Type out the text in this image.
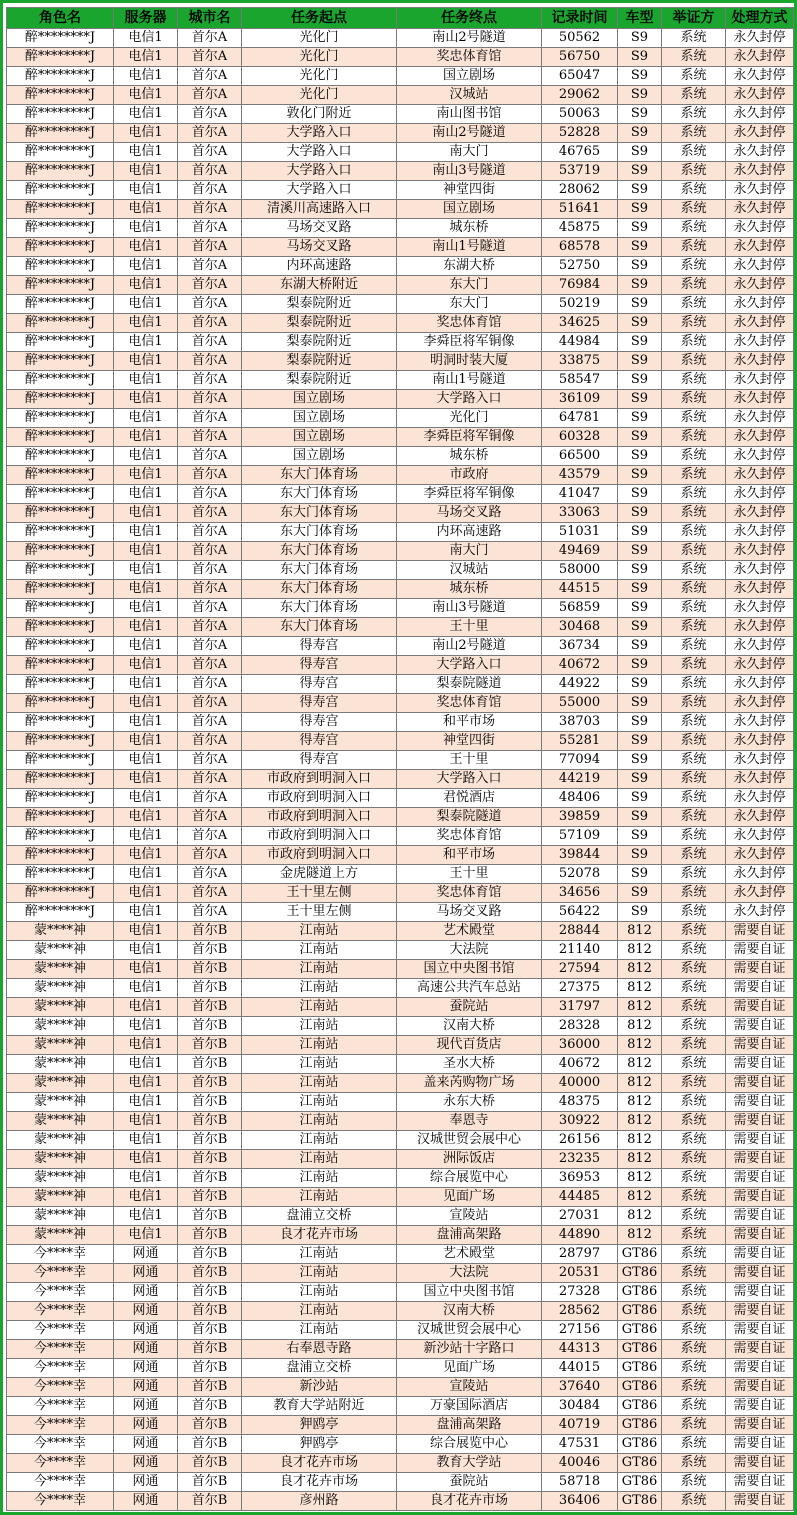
角色名	服务器	城市名	任务起点	任务终点	记录时间	车型	举证方	处理方式
醉********J	电信1	首尔A	光化门	南山2号隧道	50562	S9	系统	永久封停
醉********J	电信1	首尔A	光化门	奖忠体育馆	56750	S9	系统	永久封停
醉********J	电信1	首尔A	光化门	国立剧场	65047	S9	系统	永久封停
醉********J	电信1	首尔A	光化门	汉城站	29062	S9	系统	永久封停
醉********J	电信1	首尔A	敦化门附近	南山图书馆	50063	S9	系统	永久封停
醉********J	电信1	首尔A	大学路入口	南山2号隧道	52828	S9	系统	永久封停
醉********J	电信1	首尔A	大学路入口	南大门	46765	S9	系统	永久封停
醉********J	电信1	首尔A	大学路入口	南山3号隧道	53719	S9	系统	永久封停
醉********J	电信1	首尔A	大学路入口	神堂四街	28062	S9	系统	永久封停
醉********J	电信1	首尔A	清溪川高速路入口	国立剧场	51641	S9	系统	永久封停
醉********J	电信1	首尔A	马场交叉路	城东桥	45875	S9	系统	永久封停
醉********J	电信1	首尔A	马场交叉路	南山1号隧道	68578	S9	系统	永久封停
醉********J	电信1	首尔A	内环高速路	东湖大桥	52750	S9	系统	永久封停
醉********J	电信1	首尔A	东湖大桥附近	东大门	76984	S9	系统	永久封停
醉********J	电信1	首尔A	梨泰院附近	东大门	50219	S9	系统	永久封停
醉********J	电信1	首尔A	梨泰院附近	奖忠体育馆	34625	S9	系统	永久封停
醉********J	电信1	首尔A	梨泰院附近	李舜臣将军铜像	44984	S9	系统	永久封停
醉********J	电信1	首尔A	梨泰院附近	明洞时装大厦	33875	S9	系统	永久封停
醉********J	电信1	首尔A	梨泰院附近	南山1号隧道	58547	S9	系统	永久封停
醉********J	电信1	首尔A	国立剧场	大学路入口	36109	S9	系统	永久封停
醉********J	电信1	首尔A	国立剧场	光化门	64781	S9	系统	永久封停
醉********J	电信1	首尔A	国立剧场	李舜臣将军铜像	60328	S9	系统	永久封停
醉********J	电信1	首尔A	国立剧场	城东桥	66500	S9	系统	永久封停
醉********J	电信1	首尔A	东大门体育场	市政府	43579	S9	系统	永久封停
醉********J	电信1	首尔A	东大门体育场	李舜臣将军铜像	41047	S9	系统	永久封停
醉********J	电信1	首尔A	东大门体育场	马场交叉路	33063	S9	系统	永久封停
醉********J	电信1	首尔A	东大门体育场	内环高速路	51031	S9	系统	永久封停
醉********J	电信1	首尔A	东大门体育场	南大门	49469	S9	系统	永久封停
醉********J	电信1	首尔A	东大门体育场	汉城站	58000	S9	系统	永久封停
醉********J	电信1	首尔A	东大门体育场	城东桥	44515	S9	系统	永久封停
醉********J	电信1	首尔A	东大门体育场	南山3号隧道	56859	S9	系统	永久封停
醉********J	电信1	首尔A	东大门体育场	王十里	30468	S9	系统	永久封停
醉********J	电信1	首尔A	得寿宫	南山2号隧道	36734	S9	系统	永久封停
醉********J	电信1	首尔A	得寿宫	大学路入口	40672	S9	系统	永久封停
醉********J	电信1	首尔A	得寿宫	梨泰院隧道	44922	S9	系统	永久封停
醉********J	电信1	首尔A	得寿宫	奖忠体育馆	55000	S9	系统	永久封停
醉********J	电信1	首尔A	得寿宫	和平市场	38703	S9	系统	永久封停
醉********J	电信1	首尔A	得寿宫	神堂四街	55281	S9	系统	永久封停
醉********J	电信1	首尔A	得寿宫	王十里	77094	S9	系统	永久封停
醉********J	电信1	首尔A	市政府到明洞入口	大学路入口	44219	S9	系统	永久封停
醉********J	电信1	首尔A	市政府到明洞入口	君悦酒店	48406	S9	系统	永久封停
醉********J	电信1	首尔A	市政府到明洞入口	梨泰院隧道	39859	S9	系统	永久封停
醉********J	电信1	首尔A	市政府到明洞入口	奖忠体育馆	57109	S9	系统	永久封停
醉********J	电信1	首尔A	市政府到明洞入口	和平市场	39844	S9	系统	永久封停
醉********J	电信1	首尔A	金虎隧道上方	王十里	52078	S9	系统	永久封停
醉********J	电信1	首尔A	王十里左侧	奖忠体育馆	34656	S9	系统	永久封停
醉********J	电信1	首尔A	王十里左侧	马场交叉路	56422	S9	系统	永久封停
蒙****神	电信1	首尔B	江南站	艺术殿堂	28844	812	系统	需要自证
蒙****神	电信1	首尔B	江南站	大法院	21140	812	系统	需要自证
蒙****神	电信1	首尔B	江南站	国立中央图书馆	27594	812	系统	需要自证
蒙****神	电信1	首尔B	江南站	高速公共汽车总站	27375	812	系统	需要自证
蒙****神	电信1	首尔B	江南站	蚕院站	31797	812	系统	需要自证
蒙****神	电信1	首尔B	江南站	汉南大桥	28328	812	系统	需要自证
蒙****神	电信1	首尔B	江南站	现代百货店	36000	812	系统	需要自证
蒙****神	电信1	首尔B	江南站	圣水大桥	40672	812	系统	需要自证
蒙****神	电信1	首尔B	江南站	盖来芮购物广场	40000	812	系统	需要自证
蒙****神	电信1	首尔B	江南站	永东大桥	48375	812	系统	需要自证
蒙****神	电信1	首尔B	江南站	奉恩寺	30922	812	系统	需要自证
蒙****神	电信1	首尔B	江南站	汉城世贸会展中心	26156	812	系统	需要自证
蒙****神	电信1	首尔B	江南站	洲际饭店	23235	812	系统	需要自证
蒙****神	电信1	首尔B	江南站	综合展览中心	36953	812	系统	需要自证
蒙****神	电信1	首尔B	江南站	见面广场	44485	812	系统	需要自证
蒙****神	电信1	首尔B	盘浦立交桥	宣陵站	27031	812	系统	需要自证
蒙****神	电信1	首尔B	良才花卉市场	盘浦高架路	44890	812	系统	需要自证
今****幸	网通	首尔B	江南站	艺术殿堂	28797	GT86	系统	需要自证
今****幸	网通	首尔B	江南站	大法院	20531	GT86	系统	需要自证
今****幸	网通	首尔B	江南站	国立中央图书馆	27328	GT86	系统	需要自证
今****幸	网通	首尔B	江南站	汉南大桥	28562	GT86	系统	需要自证
今****幸	网通	首尔B	江南站	汉城世贸会展中心	27156	GT86	系统	需要自证
今****幸	网通	首尔B	右奉恩寺路	新沙站十字路口	44313	GT86	系统	需要自证
今****幸	网通	首尔B	盘浦立交桥	见面广场	44015	GT86	系统	需要自证
今****幸	网通	首尔B	新沙站	宣陵站	37640	GT86	系统	需要自证
今****幸	网通	首尔B	教育大学站附近	万豪国际酒店	30484	GT86	系统	需要自证
今****幸	网通	首尔B	狎鸥亭	盘浦高架路	40719	GT86	系统	需要自证
今****幸	网通	首尔B	狎鸥亭	综合展览中心	47531	GT86	系统	需要自证
今****幸	网通	首尔B	良才花卉市场	教育大学站	40046	GT86	系统	需要自证
今****幸	网通	首尔B	良才花卉市场	蚕院站	58718	GT86	系统	需要自证
今****幸	网通	首尔B	彦州路	良才花卉市场	36406	GT86	系统	需要自证
